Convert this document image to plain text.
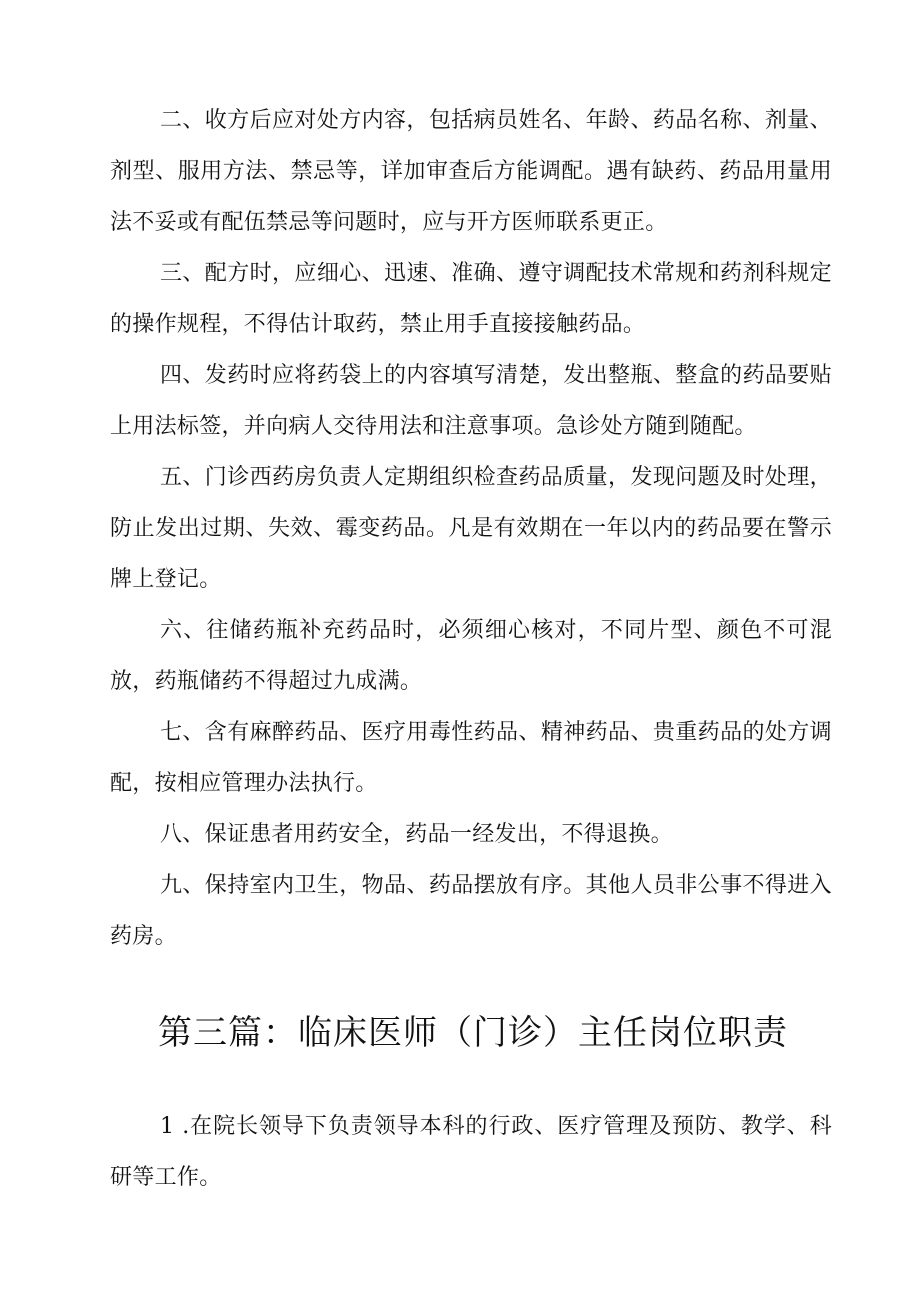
二、收方后应对处方内容，包括病员姓名、年龄、药品名称、剂量、剂型、服用方法、禁忌等，详加审查后方能调配。遇有缺药、药品用量用法不妥或有配伍禁忌等问题时，应与开方医师联系更正。

三、配方时，应细心、迅速、准确、遵守调配技术常规和药剂科规定的操作规程，不得估计取药，禁止用手直接接触药品。

四、发药时应将药袋上的内容填写清楚，发出整瓶、整盒的药品要贴上用法标签，并向病人交待用法和注意事项。急诊处方随到随配。

五、门诊西药房负责人定期组织检查药品质量，发现问题及时处理，防止发出过期、失效、霉变药品。凡是有效期在一年以内的药品要在警示牌上登记。

六、往储药瓶补充药品时，必须细心核对，不同片型、颜色不可混放，药瓶储药不得超过九成满。

七、含有麻醉药品、医疗用毒性药品、精神药品、贵重药品的处方调配，按相应管理办法执行。

八、保证患者用药安全，药品一经发出，不得退换。

九、保持室内卫生，物品、药品摆放有序。其他人员非公事不得进入药房。

第三篇：临床医师（门诊）主任岗位职责

1 .在院长领导下负责领导本科的行政、医疗管理及预防、教学、科研等工作。
